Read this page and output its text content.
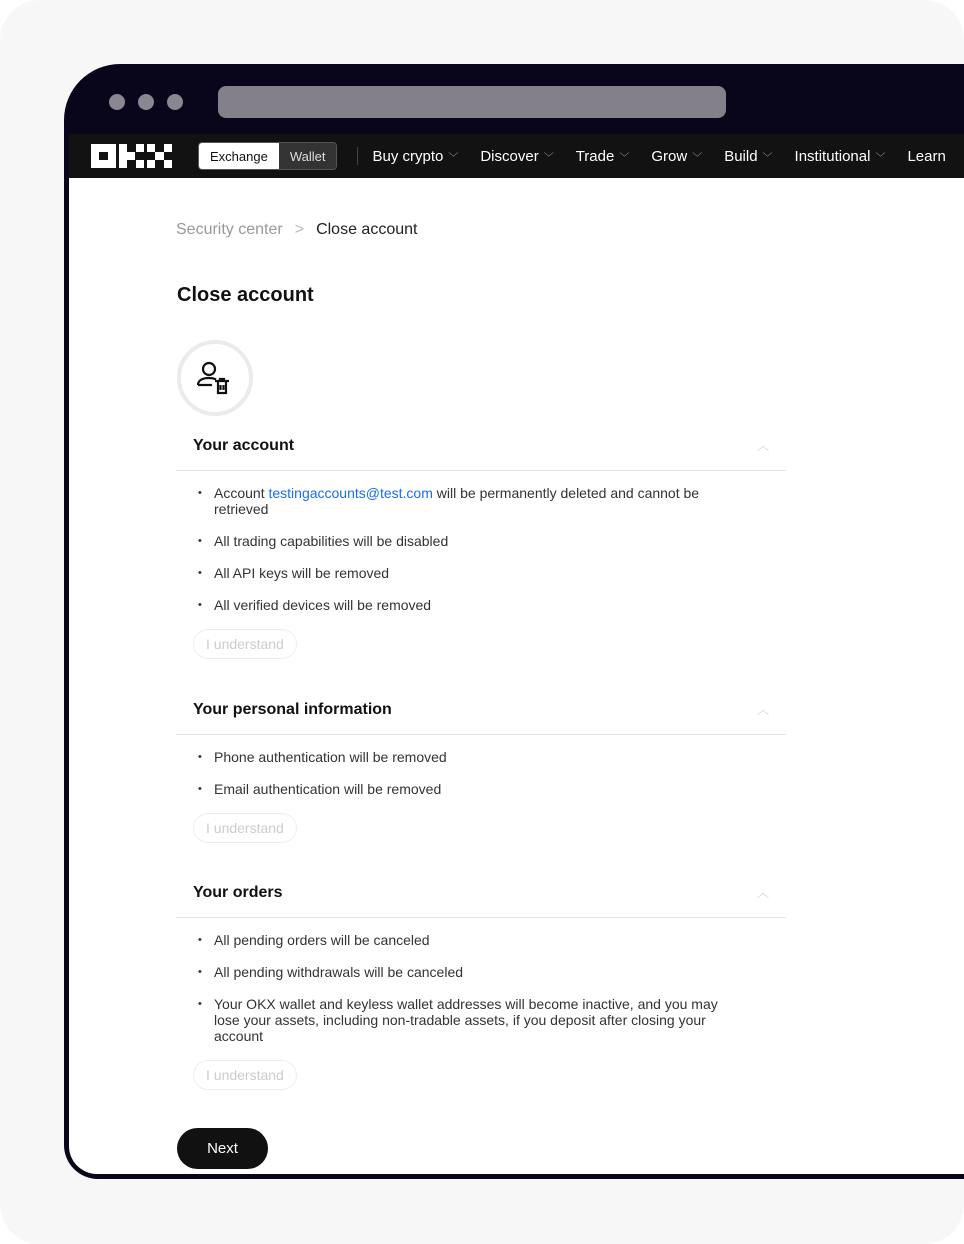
Exchange	Wallet	Buy crypto ﹀ Discover ﹀ Trade ﹀ Grow ﹀ Build ﹀ Institutional ﹀ Learn
Security center > Close account
Close account
Your account	︿
• Account testingaccounts@test.com will be permanently deleted and cannot be retrieved
• All trading capabilities will be disabled
• All API keys will be removed
• All verified devices will be removed
I understand
Your personal information	︿
• Phone authentication will be removed
• Email authentication will be removed
I understand
Your orders	︿
• All pending orders will be canceled
• All pending withdrawals will be canceled
• Your OKX wallet and keyless wallet addresses will become inactive, and you may lose your assets, including non-tradable assets, if you deposit after closing your account
I understand
Next
